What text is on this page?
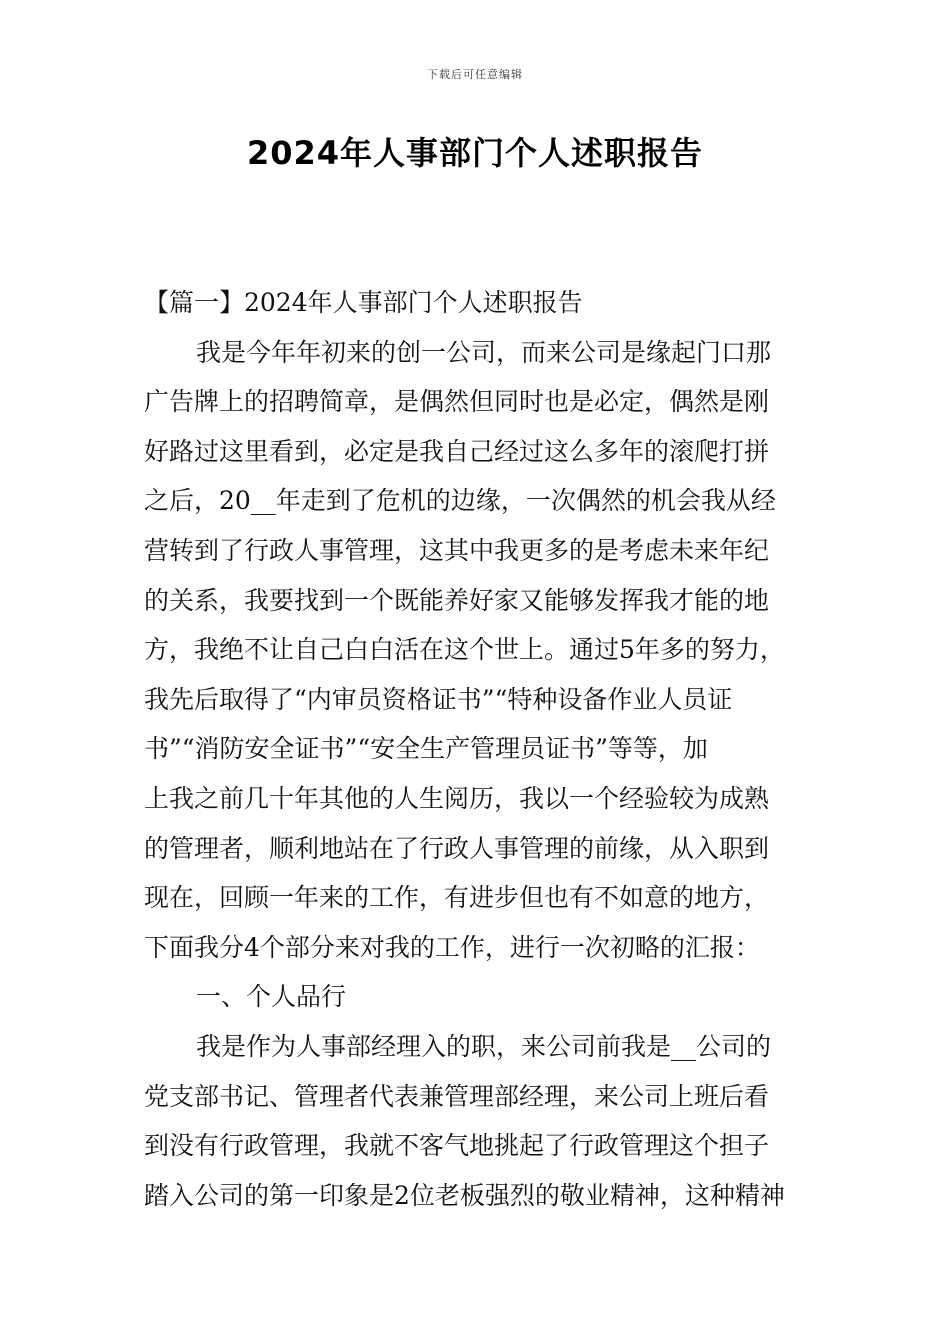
下载后可任意编辑
2024年人事部门个人述职报告
【篇一】2024年人事部门个人述职报告
我是今年年初来的创一公司，而来公司是缘起门口那
广告牌上的招聘简章，是偶然但同时也是必定，偶然是刚
好路过这里看到，必定是我自己经过这么多年的滚爬打拼
之后，20__年走到了危机的边缘，一次偶然的机会我从经
营转到了行政人事管理，这其中我更多的是考虑未来年纪
的关系，我要找到一个既能养好家又能够发挥我才能的地
方，我绝不让自己白白活在这个世上。通过5年多的努力，
我先后取得了“内审员资格证书”“特种设备作业人员证
书”“消防安全证书”“安全生产管理员证书”等等，加
上我之前几十年其他的人生阅历，我以一个经验较为成熟
的管理者，顺利地站在了行政人事管理的前缘，从入职到
现在，回顾一年来的工作，有进步但也有不如意的地方，
下面我分4个部分来对我的工作，进行一次初略的汇报：
一、个人品行
我是作为人事部经理入的职，来公司前我是__公司的
党支部书记、管理者代表兼管理部经理，来公司上班后看
到没有行政管理，我就不客气地挑起了行政管理这个担子
踏入公司的第一印象是2位老板强烈的敬业精神，这种精神
